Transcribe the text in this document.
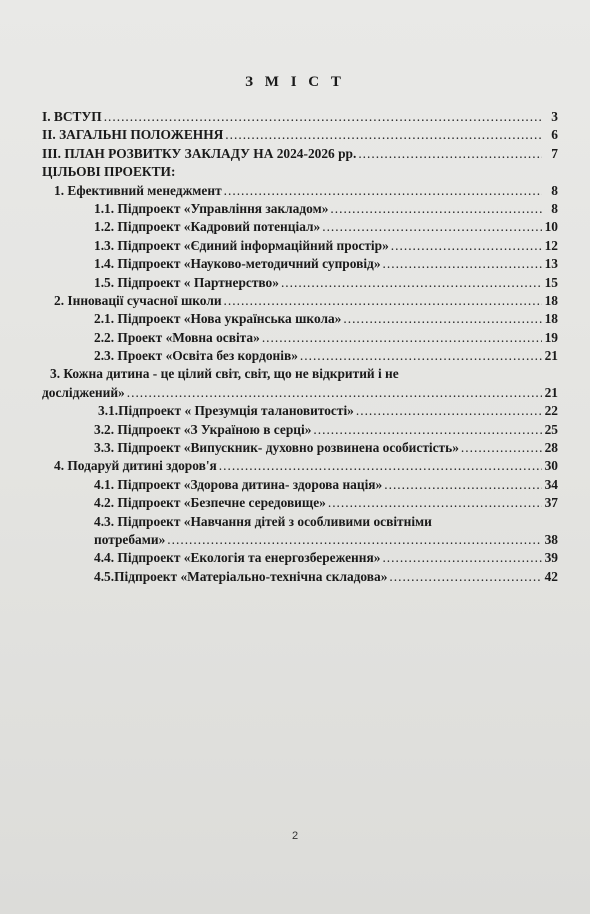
З М І С Т
I. ВСТУП .....	3
II. ЗАГАЛЬНІ ПОЛОЖЕННЯ .....	6
III. ПЛАН РОЗВИТКУ ЗАКЛАДУ НА 2024-2026 рр. .....	7
ЦІЛЬОВІ ПРОЕКТИ:
1. Ефективний менеджмент .....	8
1.1. Підпроект «Управління закладом» .....	8
1.2. Підпроект «Кадровий потенціал» .....	10
1.3. Підпроект «Єдиний інформаційний простір» .....	12
1.4. Підпроект «Науково-методичний супровід» .....	13
1.5. Підпроект « Партнерство» .....	15
2. Інновації сучасної школи .....	18
2.1. Підпроект «Нова українська школа» .....	18
2.2. Проект «Мовна освіта» .....	19
2.3. Проект «Освіта без кордонів» .....	21
3. Кожна дитина - це цілий світ, світ, що не відкритий і не
досліджений» .....	21
3.1.Підпроект « Презумція талановитості» .....	22
3.2. Підпроект «З Україною в серці» .....	25
3.3. Підпроект «Випускник- духовно розвинена особистість» .....	28
4. Подаруй дитині здоров'я .....	30
4.1. Підпроект «Здорова дитина- здорова нація» .....	34
4.2. Підпроект «Безпечне середовище» .....	37
4.3. Підпроект «Навчання дітей з особливими освітніми
потребами» .....	38
4.4. Підпроект «Екологія та енергозбереження» .....	39
4.5.Підпроект «Матеріально-технічна складова» .....	42
2
